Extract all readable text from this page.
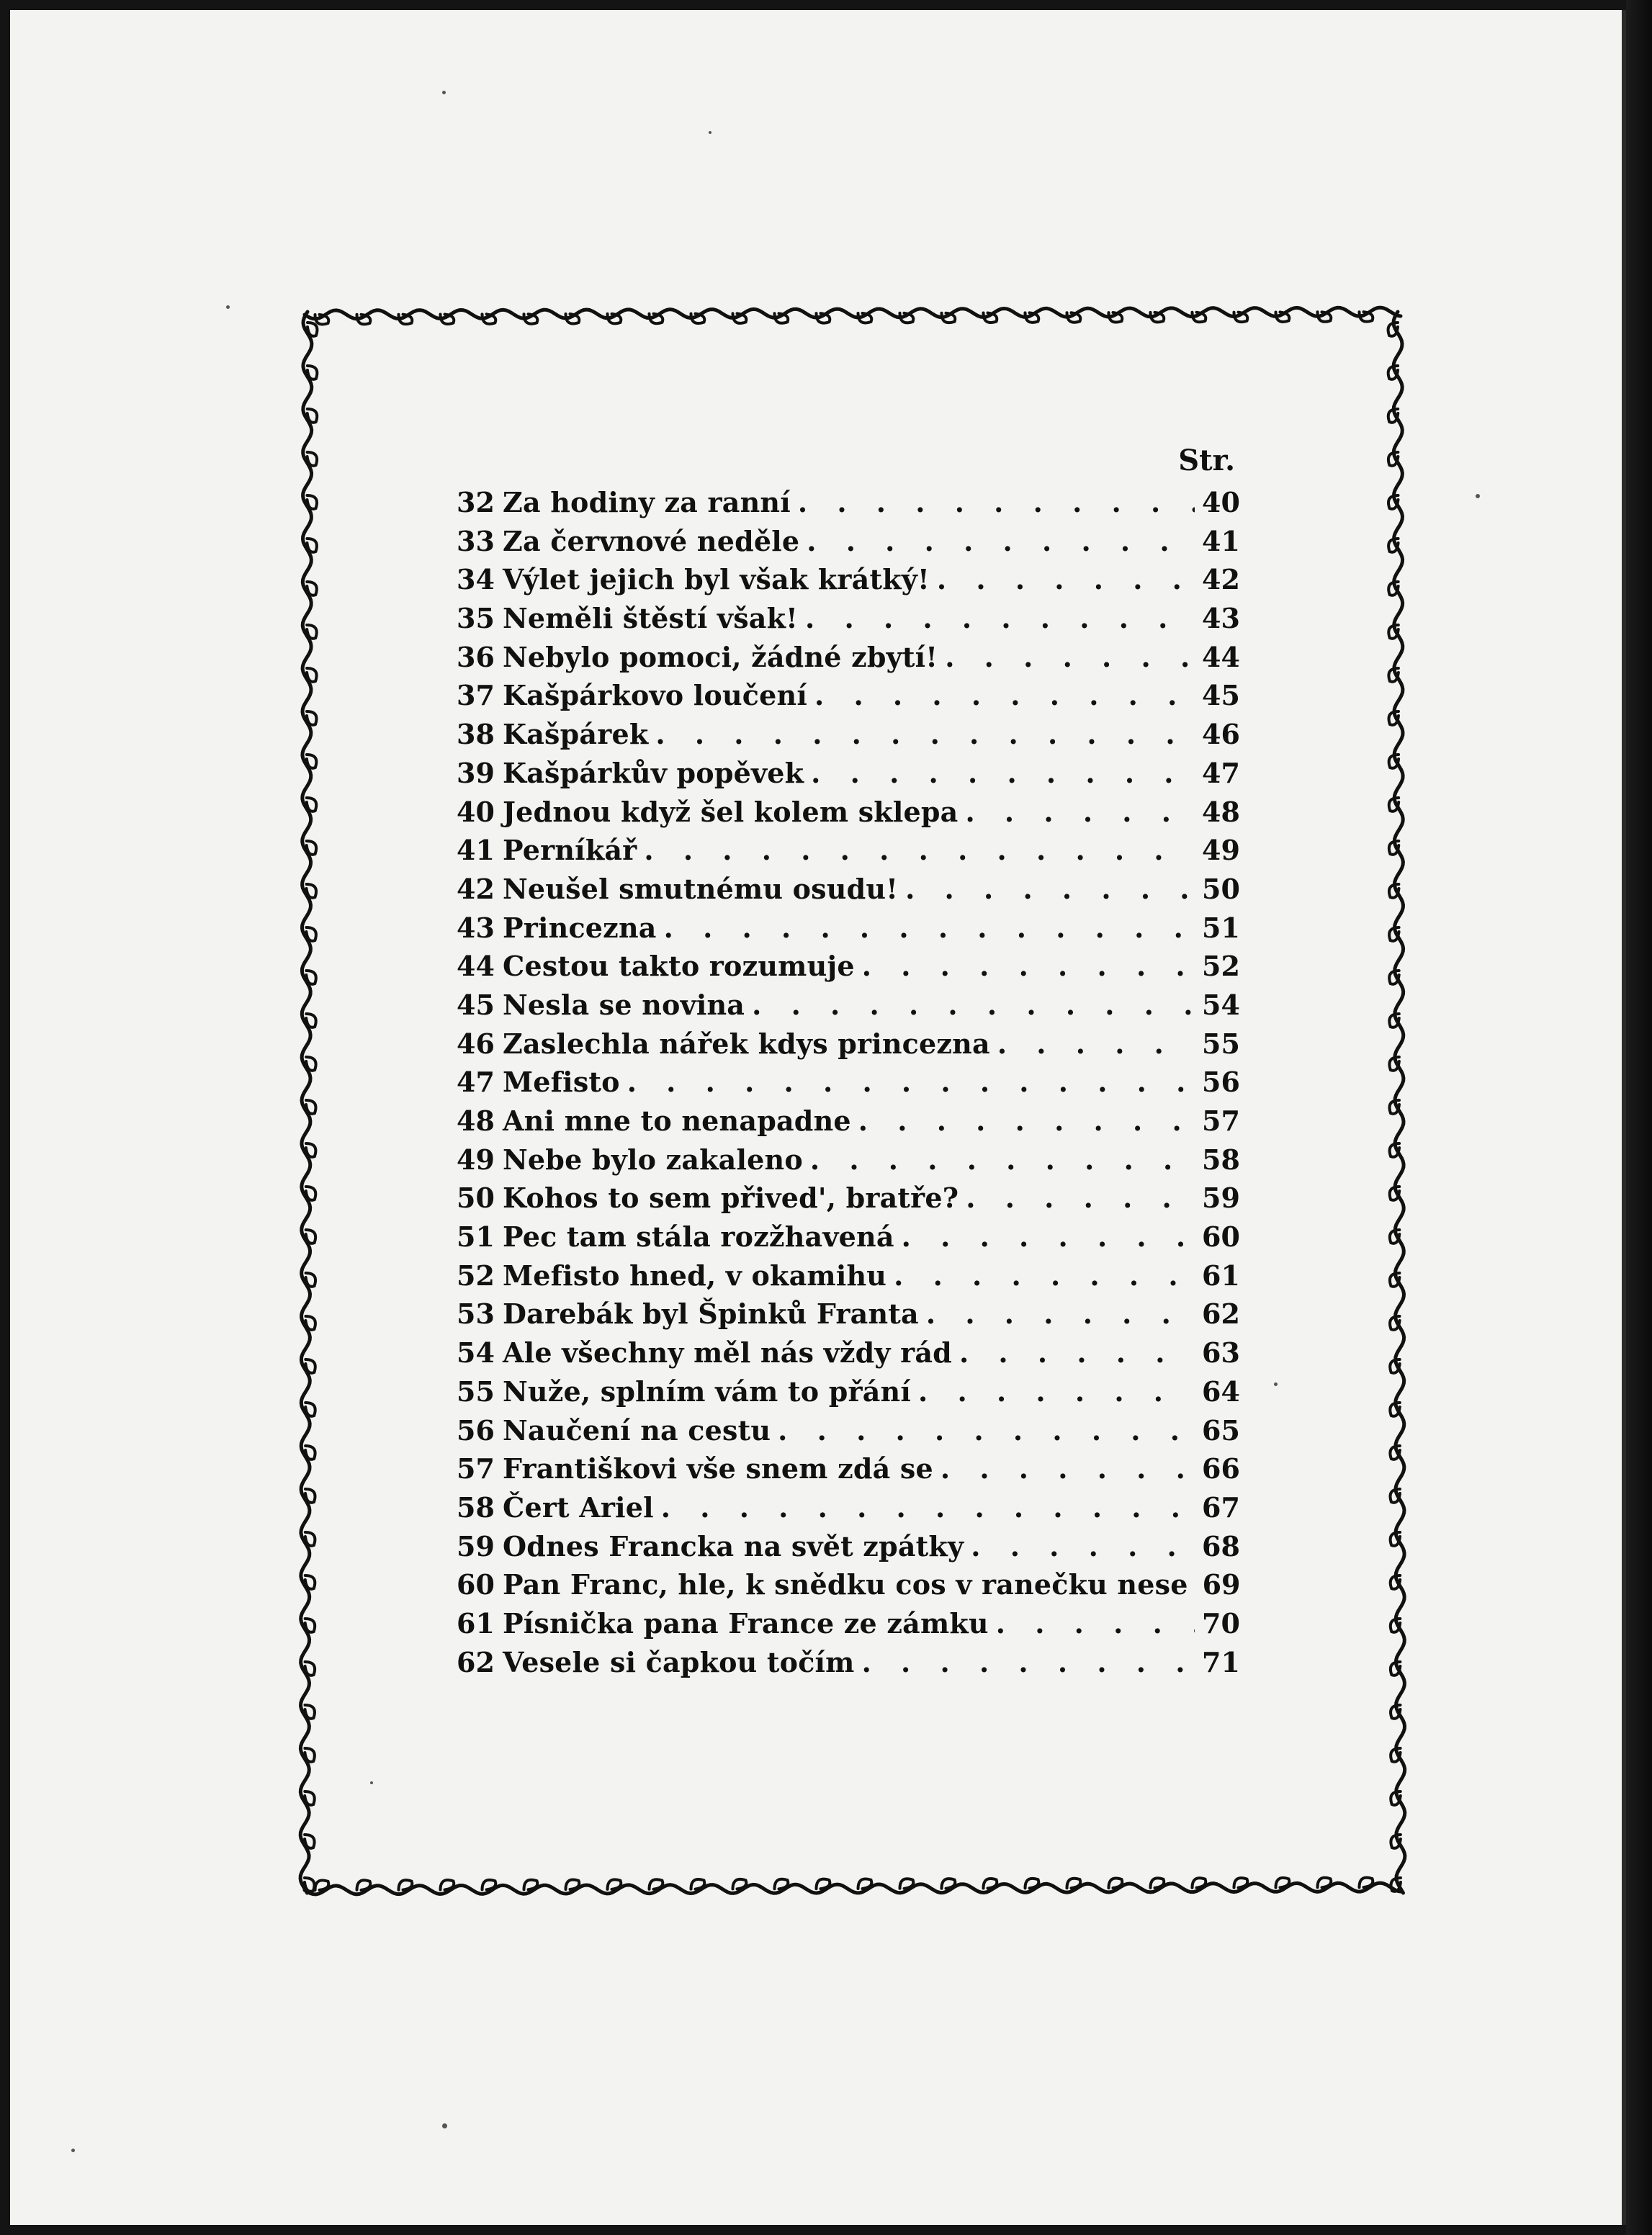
Str.
32 Za hodiny za ranní . . .	40
33 Za červnové neděle . . .	41
34 Výlet jejich byl však krátký! . . .	42
35 Neměli štěstí však! . . .	43
36 Nebylo pomoci, žádné zbytí! . . .	44
37 Kašpárkovo loučení . . .	45
38 Kašpárek . . .	46
39 Kašpárkův popěvek . . .	47
40 Jednou když šel kolem sklepa . . .	48
41 Perníkář . . .	49
42 Neušel smutnému osudu! . . .	50
43 Princezna . . .	51
44 Cestou takto rozumuje . . .	52
45 Nesla se novina . . .	54
46 Zaslechla nářek kdys princezna . . .	55
47 Mefisto . . .	56
48 Ani mne to nenapadne . . .	57
49 Nebe bylo zakaleno . . .	58
50 Kohos to sem přived', bratře? . . .	59
51 Pec tam stála rozžhavená . . .	60
52 Mefisto hned, v okamihu . . .	61
53 Darebák byl Špinků Franta . . .	62
54 Ale všechny měl nás vždy rád . . .	63
55 Nuže, splním vám to přání . . .	64
56 Naučení na cestu . . .	65
57 Františkovi vše snem zdá se . . .	66
58 Čert Ariel . . .	67
59 Odnes Francka na svět zpátky . . .	68
60 Pan Franc, hle, k snědku cos v ranečku nese 69
61 Písnička pana France ze zámku . . .	70
62 Vesele si čapkou točím . . .	71
